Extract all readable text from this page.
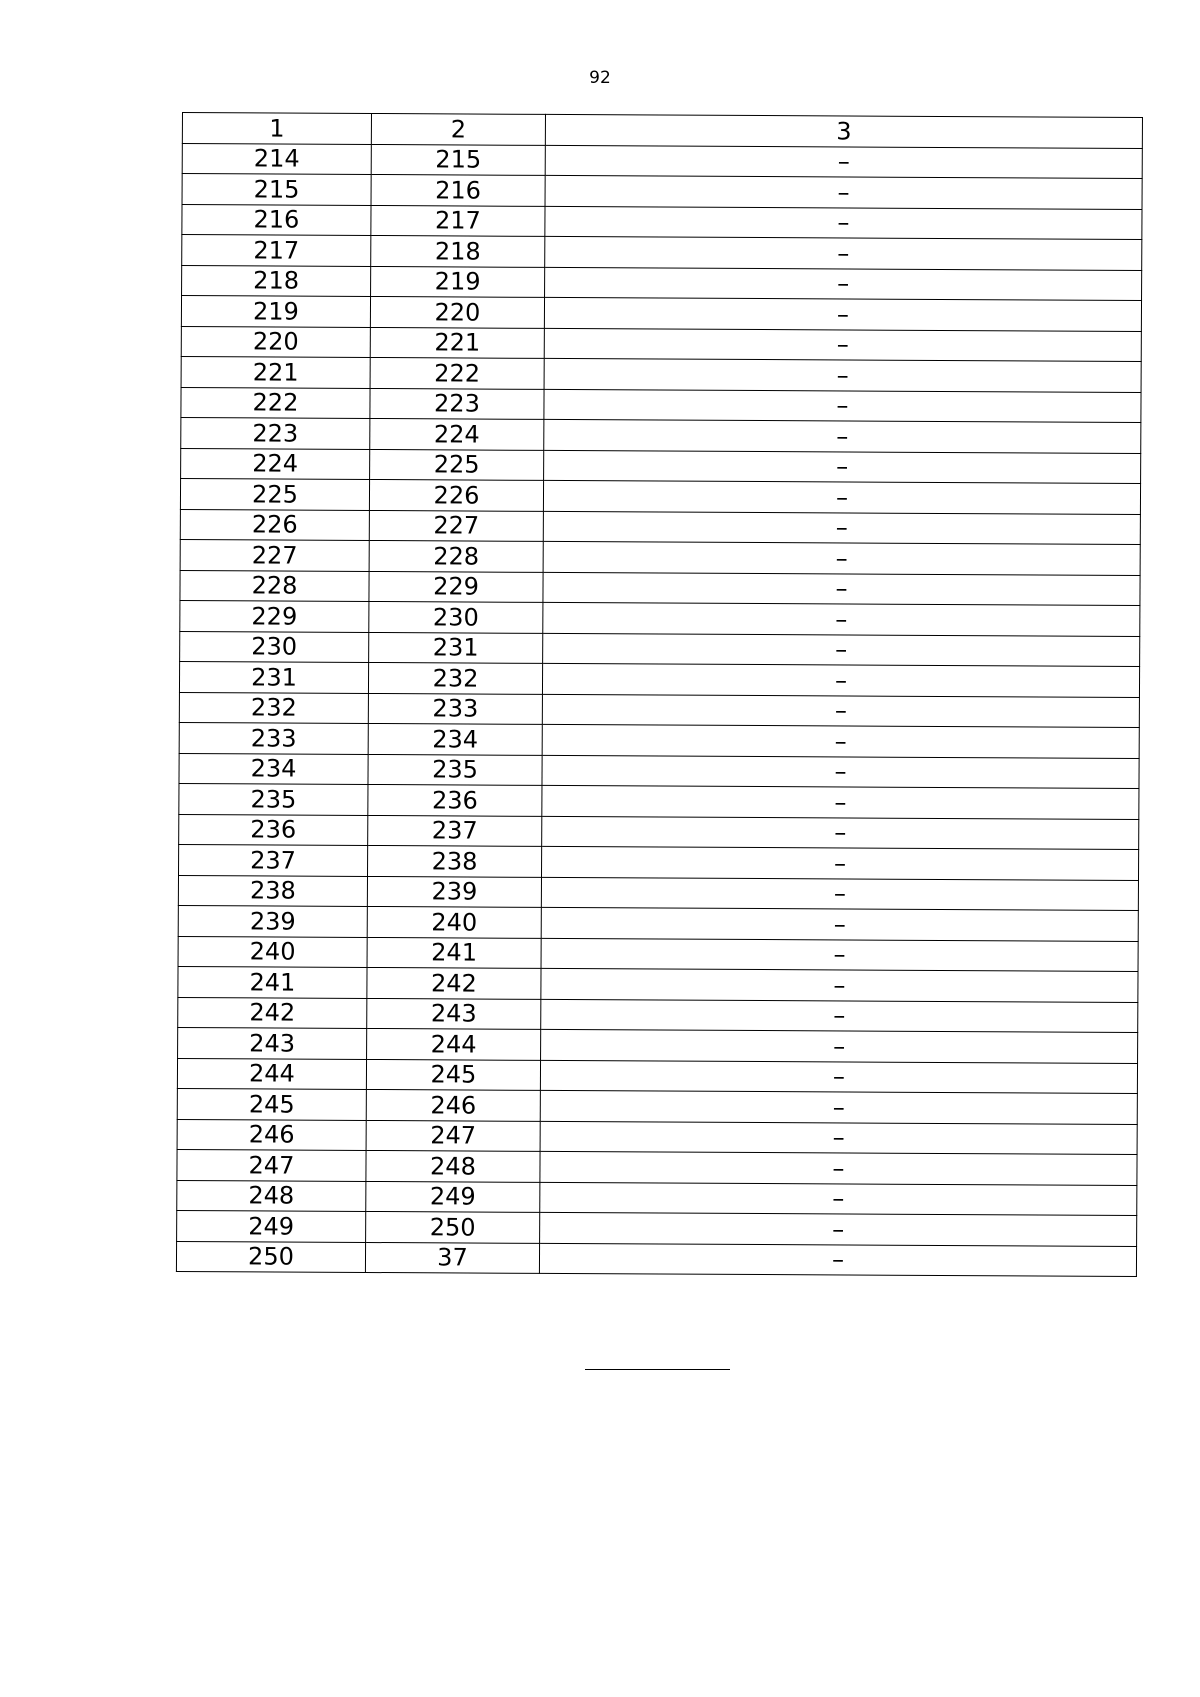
92
1	2	3
214	215	–
215	216	–
216	217	–
217	218	–
218	219	–
219	220	–
220	221	–
221	222	–
222	223	–
223	224	–
224	225	–
225	226	–
226	227	–
227	228	–
228	229	–
229	230	–
230	231	–
231	232	–
232	233	–
233	234	–
234	235	–
235	236	–
236	237	–
237	238	–
238	239	–
239	240	–
240	241	–
241	242	–
242	243	–
243	244	–
244	245	–
245	246	–
246	247	–
247	248	–
248	249	–
249	250	–
250	37	–
